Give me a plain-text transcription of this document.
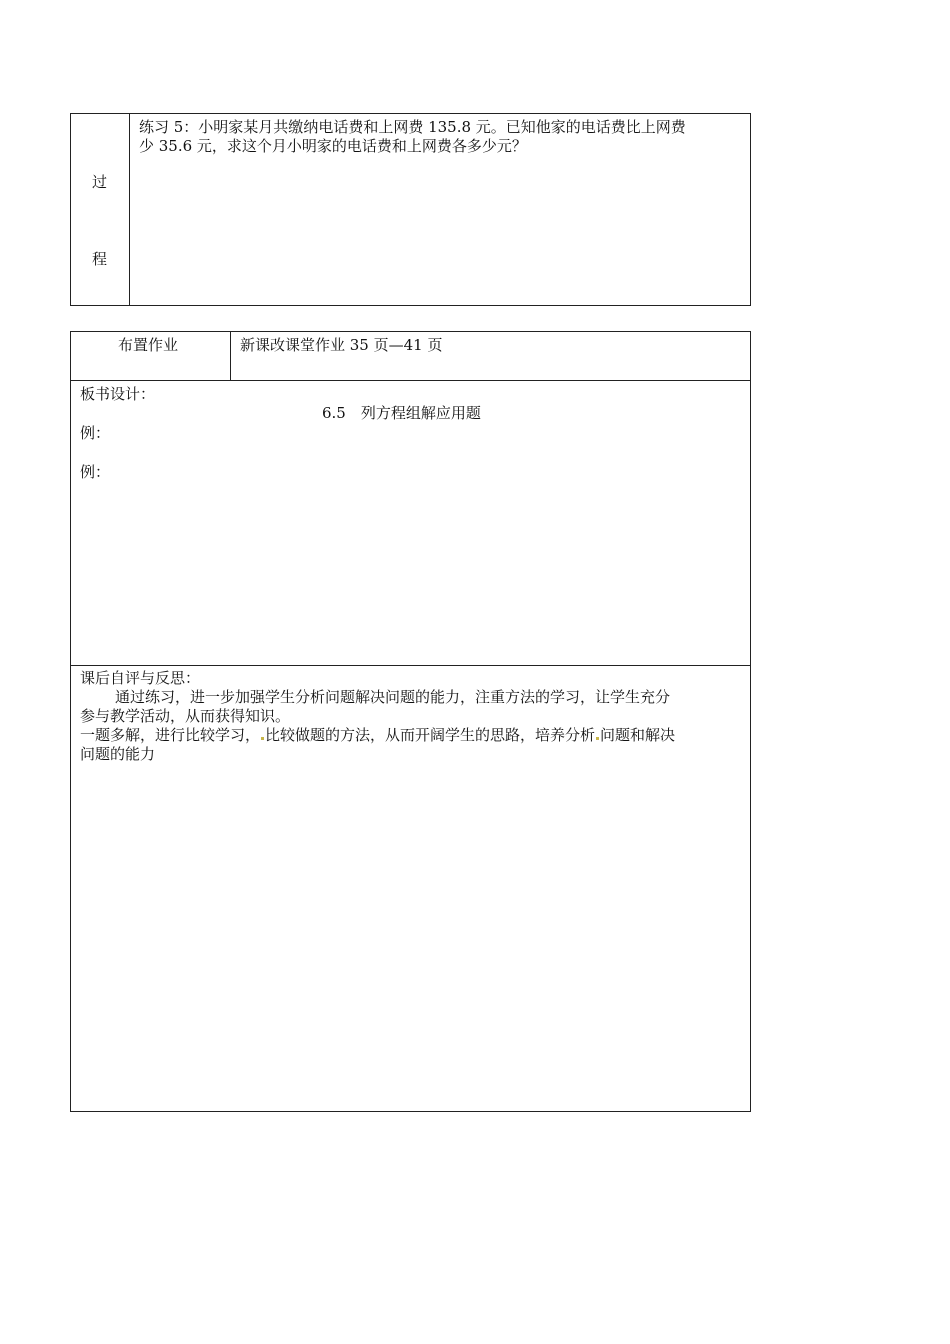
过
程
练习 5：小明家某月共缴纳电话费和上网费 135.8 元。已知他家的电话费比上网费
少 35.6 元，求这个月小明家的电话费和上网费各多少元？
布置作业	新课改课堂作业 35 页—41 页
板书设计：
6.5　列方程组解应用题
例：
例：
课后自评与反思：
通过练习，进一步加强学生分析问题解决问题的能力，注重方法的学习，让学生充分
参与教学活动，从而获得知识。
一题多解，进行比较学习， 比较做题的方法，从而开阔学生的思路，培养分析 问题和解决
问题的能力
